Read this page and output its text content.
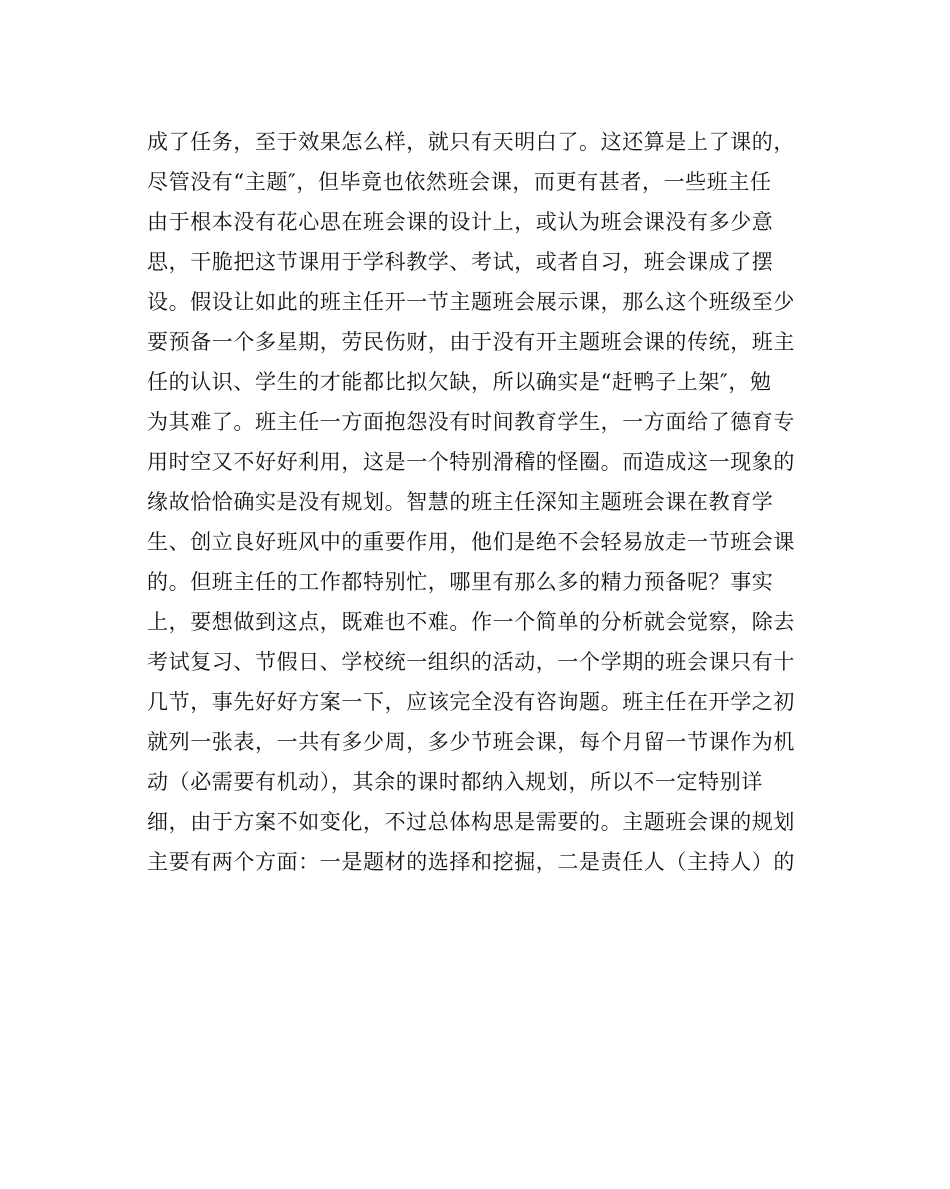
成了任务，至于效果怎么样，就只有天明白了。这还算是上了课的，
尽管没有“主题″，但毕竟也依然班会课，而更有甚者，一些班主任
由于根本没有花心思在班会课的设计上，或认为班会课没有多少意
思，干脆把这节课用于学科教学、考试，或者自习，班会课成了摆
设。假设让如此的班主任开一节主题班会展示课，那么这个班级至少
要预备一个多星期，劳民伤财，由于没有开主题班会课的传统，班主
任的认识、学生的才能都比拟欠缺，所以确实是“赶鸭子上架″，勉
为其难了。班主任一方面抱怨没有时间教育学生，一方面给了德育专
用时空又不好好利用，这是一个特别滑稽的怪圈。而造成这一现象的
缘故恰恰确实是没有规划。智慧的班主任深知主题班会课在教育学
生、创立良好班风中的重要作用，他们是绝不会轻易放走一节班会课
的。但班主任的工作都特别忙，哪里有那么多的精力预备呢？事实
上，要想做到这点，既难也不难。作一个简单的分析就会觉察，除去
考试复习、节假日、学校统一组织的活动，一个学期的班会课只有十
几节，事先好好方案一下，应该完全没有咨询题。班主任在开学之初
就列一张表，一共有多少周，多少节班会课，每个月留一节课作为机
动（必需要有机动），其余的课时都纳入规划，所以不一定特别详
细，由于方案不如变化，不过总体构思是需要的。主题班会课的规划
主要有两个方面：一是题材的选择和挖掘，二是责任人（主持人）的
